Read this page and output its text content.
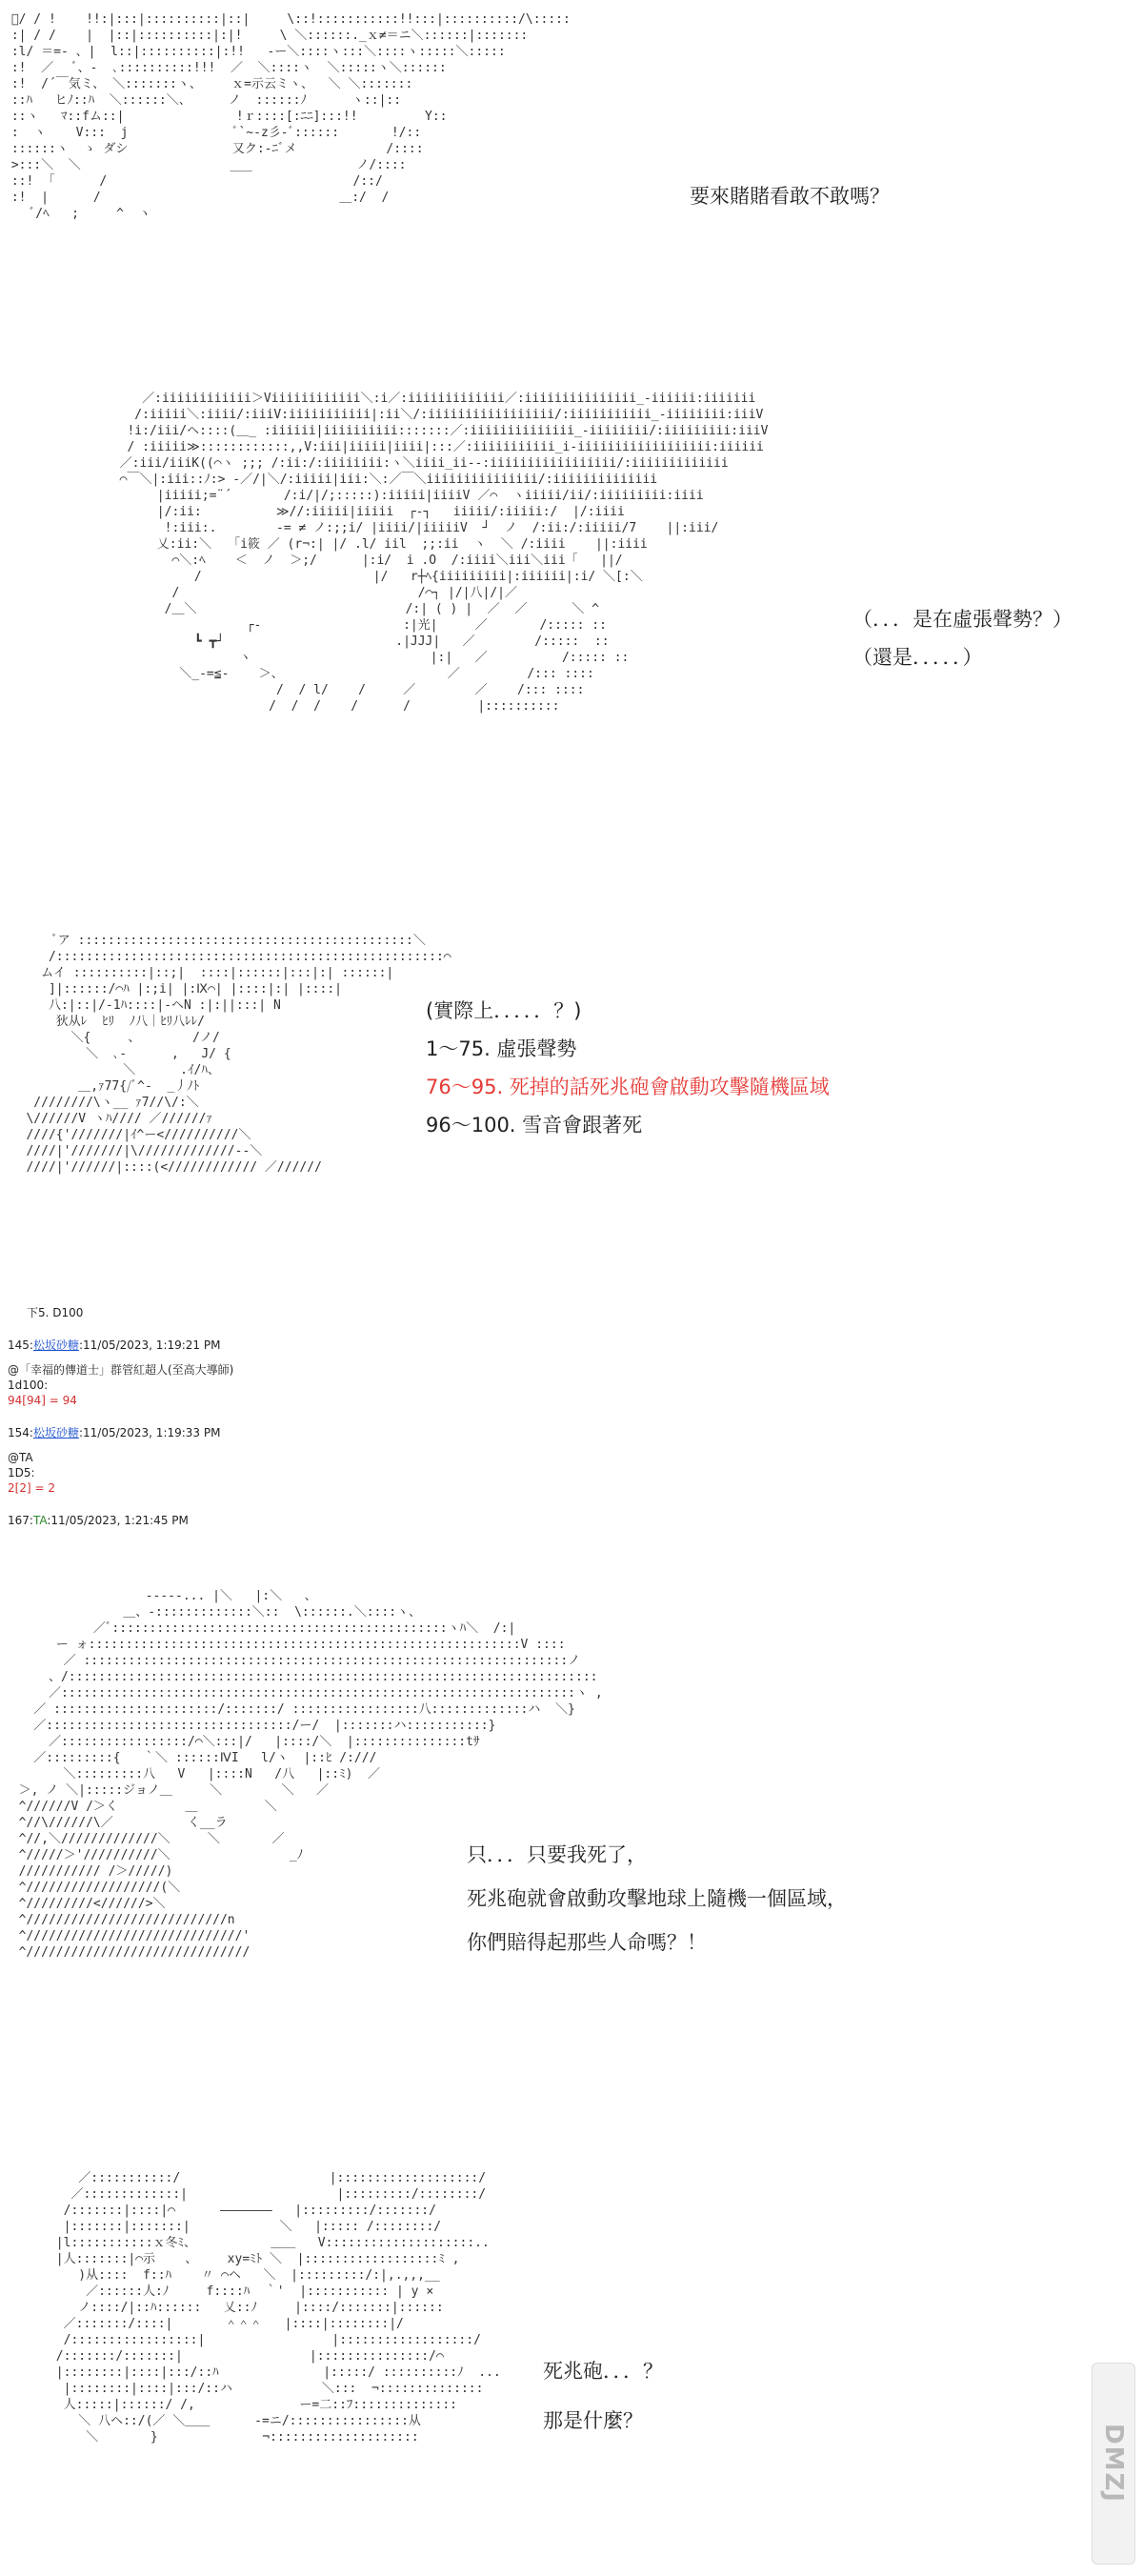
ﾞ/ / !    !!:|:::|::::::::::|::|     \::!:::::::::::!!:::|::::::::::/\:::::
:| / /    |  |::|::::::::::|:|!     \ ＼::::::._ｘ≠＝ニ＼::::::|:::::::
:l/ ＝=- 、|  l::|::::::::::|:!!   ‐ー＼::::ヽ:::＼::::ヽ:::::＼:::::
:!  ／   ﾞ、‐  ､::::::::::!!!  ／  ＼::::ヽ  ＼:::::ヽ＼::::::
:!  /´￣気ミ、 ＼:::::::ヽ、    ｘ=示云ミヽ、  ＼ ＼:::::::
::ﾊ   ヒﾉ::ﾊ  ＼::::::＼、     ノ  ::::::ﾉ      ヽ::|::
::ヽ   ﾏ::fム::|               !ｒ::::[:ﾆﾆ]:::!!         Y::
:  ヽ    V:::  j              ﾞ`~-z彡-ﾞ::::::       !/::
::::::ヽ  ゝ ダシ              又ク:-ﾆﾞメ            /::::
>:::＼  ＼                    ___              ノ/::::
::!  ｢      /                                 /::/
:!  |      /                                ＿:/  /
ﾞ/ﾍ   ;     ^  ヽ
要來賭賭看敢不敢嗎？
／:iiiiiiiiiiii＞Viiiiiiiiiiii＼:i／:iiiiiiiiiiiii／:iiiiiiiiiiiiiii_-iiiiii:iiiiiii
/:iiiii＼:iiii/:iiiV:iiiiiiiiiii|:ii＼/:iiiiiiiiiiiiiiiii/:iiiiiiiiiii_-iiiiiiii:iiiV
!i:/iii/ヘ::::(＿_ :iiiiii|iiiiiiiiii:::::::／:iiiiiiiiiiiiii_-iiiiiiii/:iiiiiiiii:iiiV
/ :iiiii≫::::::::::::,,V:iii|iiiii|iiii|:::／:iiiiiiiiiii_i‐iiiiiiiiiiiiiiiiii:iiiiii
／:iii/iiiK((⌒ヽ ;;; /:ii:/:iiiiiiii:ヽ＼iiii_ii‐‐:iiiiiiiiiiiiiiiii/:iiiiiiiiiiiii
⌒￣＼|:iii::ﾉ:> -／/|＼/:iiiii|iii:＼:／￣＼iiiiiiiiiiiiiii/:iiiiiiiiiiiiii
|iiiii;=¨´       /:i/|/;:::::):iiiii|iiiiV ／⌒  ヽiiiii/ii/:iiiiiiiii:iiii
|/:ii:          ≫//:iiiii|iiiii  ┌‐┐   iiiii/:iiiii:/  |/:iiii
!:iii:.        -= ≠ ノ:;;i/ |iiii/|iiiiiV  ┘  ノ  /:ii:/:iiiii/7    ||:iii/
乂:ii:＼   ｢i筱 ／ (r¬:| |/ .l/ iil  ;;:ii  ヽ  ＼ /:iiii    ||:iiii
⌒＼:ﾍ    ＜  ノ  ＞;/      |:i/  i .O  /:iiii＼iii＼iii「   ||/
/                       |/   r┼ﾍ{iiiiiiiii|:iiiiii|:i/ ＼[:＼
/                                /⌒┐ |/|八|/|／
/＿＼                            /:| ( ) |  ／  ／      ＼ ^
┌‐                   :|光|     ／       /::::: ::
┗ ┳┘                       .|JJJ|   ／        /:::::  ::
ヽ                        |:|   ／          /::::: ::
＼_-=≦‐    ＞、                      ／         /::: ::::
/  / l/    /     ／        ／    /::: ::::
/  /  /    /      /         |::::::::::
（．．．是在虛張聲勢？）
（還是．．．．．）
ﾞア :::::::::::::::::::::::::::::::::::::::::::::＼
/::::::::::::::::::::::::::::::::::::::::::::::::::::⌒
ムイ ::::::::::|::;|  ::::|::::::|:::|:| ::::::|
]|::::::/⌒ﾊ |:;i| |:Ⅸ⌒| |::::|:| |::::|
八:|::|/‐1ﾊ::::|‐ヘN :|:||:::| N
狄从ﾚ  ﾋﾘ  ﾉ八｜ﾋﾘ八ﾚﾚ/
＼{     、       /ノ/
＼  ､-      ,   J/ {
＼      .ｲ/ﾊ、
＿,ｧ77{/ﾞ^-  _丿ﾉﾄ
////////\ヽ__ ｧ7//\/:＼
\//////V ヽﾊ//// ／//////ｧ
////{'///////|ｲ^ー<//////////＼
////|'///////|\/////////////--＼
////|'//////|::::(<//////////// ／//////
(實際上．．．．．？)
1～75. 虛張聲勢
76～95. 死掉的話死兆砲會啟動攻擊隨機區域
96～100. 雪音會跟著死
下5. D100
145:松坂砂糖:11/05/2023, 1:19:21 PM
@「幸福的傳道士」群管紅超人(至高大導師)
1d100:
94[94] = 94
154:松坂砂糖:11/05/2023, 1:19:33 PM
@TA
1D5:
2[2] = 2
167:TA:11/05/2023, 1:21:45 PM
‐‐‐‐‐... |＼   |:＼   、
＿、‐:::::::::::::＼::  \::::::.＼::::ヽ、
／ﾞ:::::::::::::::::::::::::::::::::::::::::::::ヽﾊ＼  /:|
ー ォ::::::::::::::::::::::::::::::::::::::::::::::::::::::::::V ::::
／ :::::::::::::::::::::::::::::::::::::::::::::::::::::::::::::::::ノ
、/:::::::::::::::::::::::::::::::::::::::::::::::::::::::::::::::::::::::
／:::::::::::::::::::::::::::::::::::::::::::::::::::::::::::::::::::::ヽ ,
／ ::::::::::::::::::::::/:::::::/ :::::::::::::::::八:::::::::::::ハ  ＼}
／:::::::::::::::::::::::::::::::::/ー/  |:::::::ハ:::::::::::}
／:::::::::::::::::/⌒＼:::|/   |::::/＼  |:::::::::::::::tｻ
／:::::::::{   ｀＼ ::::::ⅣI   l/ヽ  |::ﾋ /:///
＼:::::::::八   V   |::::N   /八   |::ﾐ)  ／
＞, ノ ＼|:::::ジョノ＿     ＼        ＼   ／
^//////V /＞く         ＿         ＼
^//\//////\／          く__ラ
^//,＼/////////////＼     ＼       ／
^/////＞'//////////＼                _ﾉ
/////////// /＞/////)
^//////////////////(＼
^/////////<//////>＼
^///////////////////////////n
^/////////////////////////////'
^//////////////////////////////
只．．．只要我死了，
死兆砲就會啟動攻擊地球上隨機一個區域，
你們賠得起那些人命嗎？！
／:::::::::::/                    |:::::::::::::::::::/
／:::::::::::::|                    |:::::::::/::::::::/
/:::::::|::::|⌒      ―――――――   |:::::::::/:::::::/
|:::::::|:::::::|            ＼   |::::: /::::::::/
|l:::::::::::ｘ冬ﾐ、          ＿＿   V::::::::::::::::::::..
|人:::::::|⌒示    、    xy=ﾐﾄ ＼  |::::::::::::::::::ﾐ ,
)从::::  f::ﾊ    〃 ⌒ヘ   ＼  |:::::::::/:|,.,,,__
／::::::人:ﾉ     f::::ﾊ  ｀'  |::::::::::: | y ×
ノ::::/|::ﾊ::::::   乂::ﾉ     |::::/:::::::|::::::
／:::::::/::::|       ＾＾＾   |::::|::::::::|/
/:::::::::::::::::|                 |::::::::::::::::::/
/:::::::/:::::::|                 |:::::::::::::::/⌒
|::::::::|::::|:::/::ﾊ              |:::::/ ::::::::::ﾉ  ...
|::::::::|::::|:::/::ハ            ＼:::  ¬::::::::::::::
人:::::|::::::/ /,              ー=二::ﾌ::::::::::::::
＼ 八ヘ::/(／ ＼＿＿      ‐=ニ/::::::::::::::::从
＼       }              ¬::::::::::::::::::::
死兆砲．．．？
那是什麼？
DMZJ
